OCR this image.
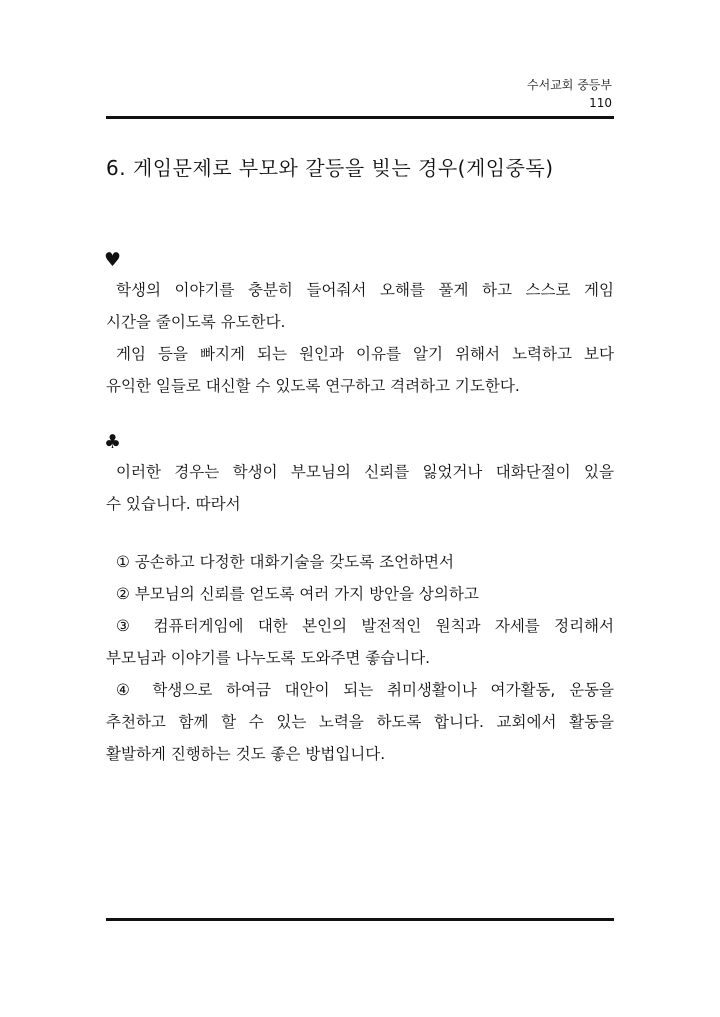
수서교회 중등부
110
6. 게임문제로 부모와 갈등을 빚는 경우(게임중독)
♥
학생의 이야기를 충분히 들어줘서 오해를 풀게 하고 스스로 게임
시간을 줄이도록 유도한다.
게임 등을 빠지게 되는 원인과 이유를 알기 위해서 노력하고 보다
유익한 일들로 대신할 수 있도록 연구하고 격려하고 기도한다.
♣
이러한 경우는 학생이 부모님의 신뢰를 잃었거나 대화단절이 있을
수 있습니다. 따라서
① 공손하고 다정한 대화기술을 갖도록 조언하면서
② 부모님의 신뢰를 얻도록 여러 가지 방안을 상의하고
③ 컴퓨터게임에 대한 본인의 발전적인 원칙과 자세를 정리해서
부모님과 이야기를 나누도록 도와주면 좋습니다.
④ 학생으로 하여금 대안이 되는 취미생활이나 여가활동, 운동을
추천하고 함께 할 수 있는 노력을 하도록 합니다. 교회에서 활동을
활발하게 진행하는 것도 좋은 방법입니다.
